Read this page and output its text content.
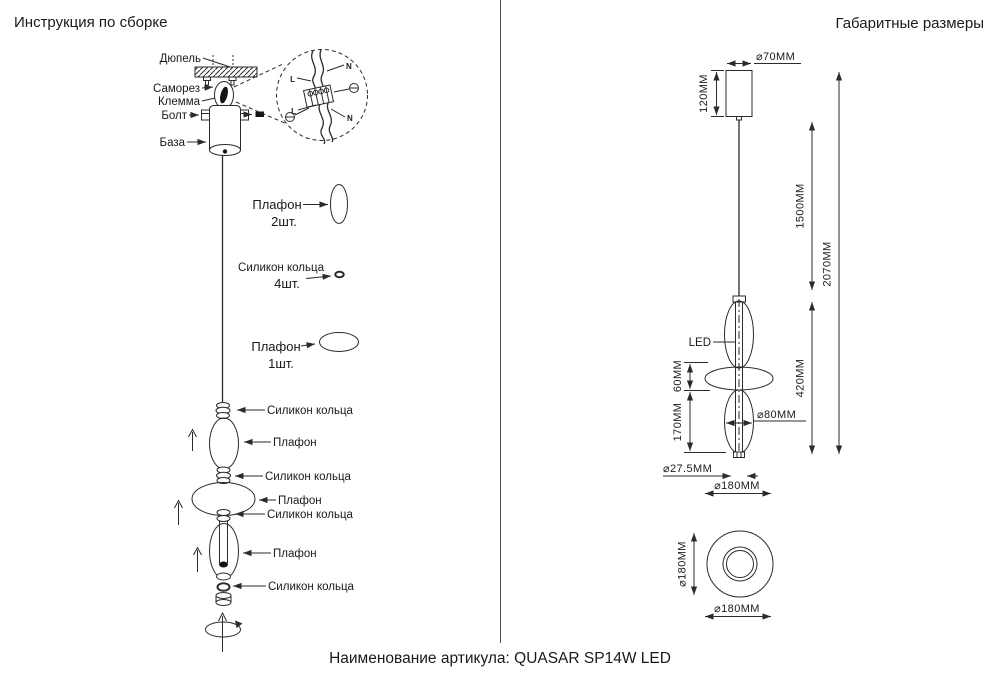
Инструкция по сборке
Дюпель
Саморез
Клемма
Болт
База
L
N
L
N
Плафон
2шт.
Силикон кольца
4шт.
Плафон
1шт.
Силикон кольца
Плафон
Силикон кольца
Плафон
Силикон кольца
Плафон
Силикон кольца
Габаритные размеры
LED
⌀70MM
120MM
1500MM
420MM
2070MM
60MM
170MM	⌀80MM
⌀27.5MM
⌀180MM
⌀180MM
⌀180MM
Наименование артикула: QUASAR SP14W LED
